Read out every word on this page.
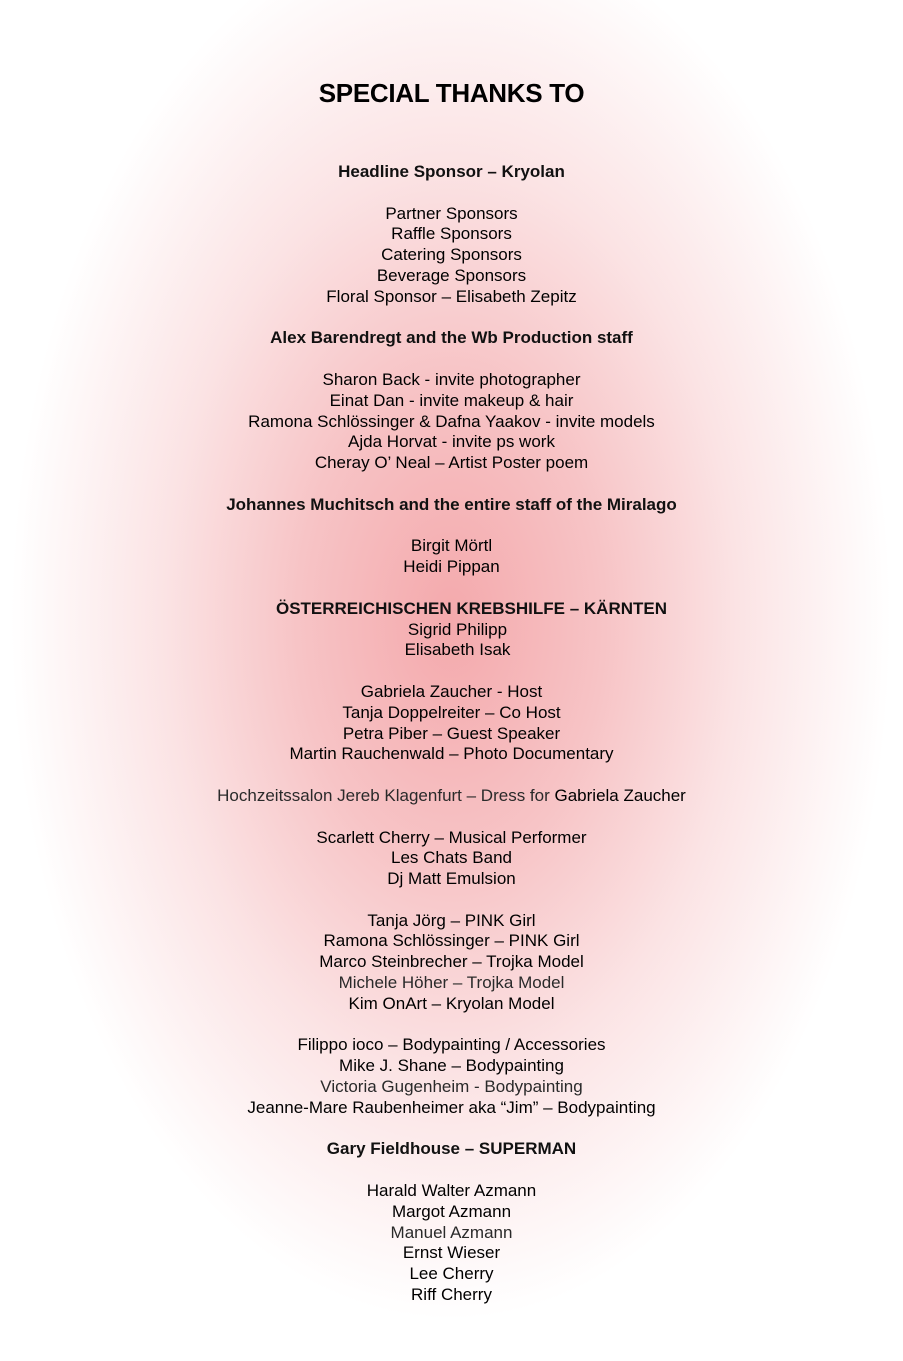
SPECIAL THANKS TO
Headline Sponsor – Kryolan
Partner Sponsors
Raffle Sponsors
Catering Sponsors
Beverage Sponsors
Floral Sponsor – Elisabeth Zepitz
Alex Barendregt and the Wb Production staff
Sharon Back - invite photographer
Einat Dan - invite makeup & hair
Ramona Schlössinger & Dafna Yaakov - invite models
Ajda Horvat - invite ps work
Cheray O’ Neal – Artist Poster poem
Johannes Muchitsch and the entire staff of the Miralago
Birgit Mörtl
Heidi Pippan
ÖSTERREICHISCHEN KREBSHILFE – KÄRNTEN
Sigrid Philipp
Elisabeth Isak
Gabriela Zaucher - Host
Tanja Doppelreiter – Co Host
Petra Piber – Guest Speaker
Martin Rauchenwald – Photo Documentary
Hochzeitssalon Jereb Klagenfurt – Dress for Gabriela Zaucher
Scarlett Cherry – Musical Performer
Les Chats Band
Dj Matt Emulsion
Tanja Jörg – PINK Girl
Ramona Schlössinger – PINK Girl
Marco Steinbrecher – Trojka Model
Michele Höher – Trojka Model
Kim OnArt – Kryolan Model
Filippo ioco – Bodypainting / Accessories
Mike J. Shane – Bodypainting
Victoria Gugenheim - Bodypainting
Jeanne-Mare Raubenheimer aka “Jim” – Bodypainting
Gary Fieldhouse – SUPERMAN
Harald Walter Azmann
Margot Azmann
Manuel Azmann
Ernst Wieser
Lee Cherry
Riff Cherry
